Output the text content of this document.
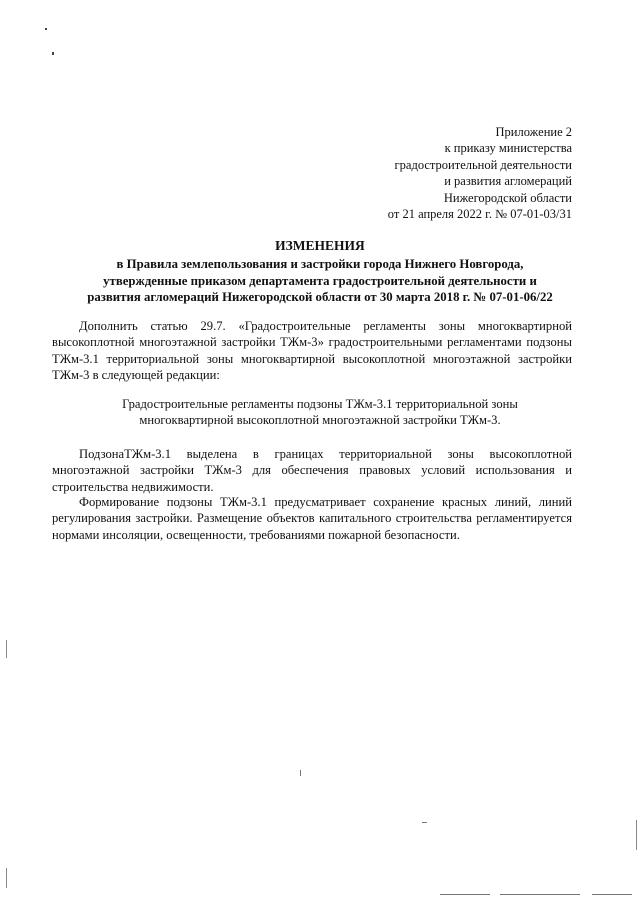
Приложение 2
к приказу министерства
градостроительной деятельности
и развития агломераций
Нижегородской области
от 21 апреля 2022 г. № 07-01-03/31
ИЗМЕНЕНИЯ
в Правила землепользования и застройки города Нижнего Новгорода,
утвержденные приказом департамента градостроительной деятельности и
развития агломераций Нижегородской области от 30 марта 2018 г. № 07-01-06/22

Дополнить статью 29.7. «Градостроительные регламенты зоны многоквартирной высокоплотной многоэтажной застройки ТЖм-3» градостроительными регламентами подзоны ТЖм-3.1 территориальной зоны многоквартирной высокоплотной многоэтажной застройки ТЖм-3 в следующей редакции:

Градостроительные регламенты подзоны ТЖм-3.1 территориальной зоны
многоквартирной высокоплотной многоэтажной застройки ТЖм-3.

ПодзонаТЖм-3.1 выделена в границах территориальной зоны высокоплотной многоэтажной застройки ТЖм-3 для обеспечения правовых условий использования и строительства недвижимости.

Формирование подзоны ТЖм-3.1 предусматривает сохранение красных линий, линий регулирования застройки. Размещение объектов капитального строительства регламентируется нормами инсоляции, освещенности, требованиями пожарной безопасности.
